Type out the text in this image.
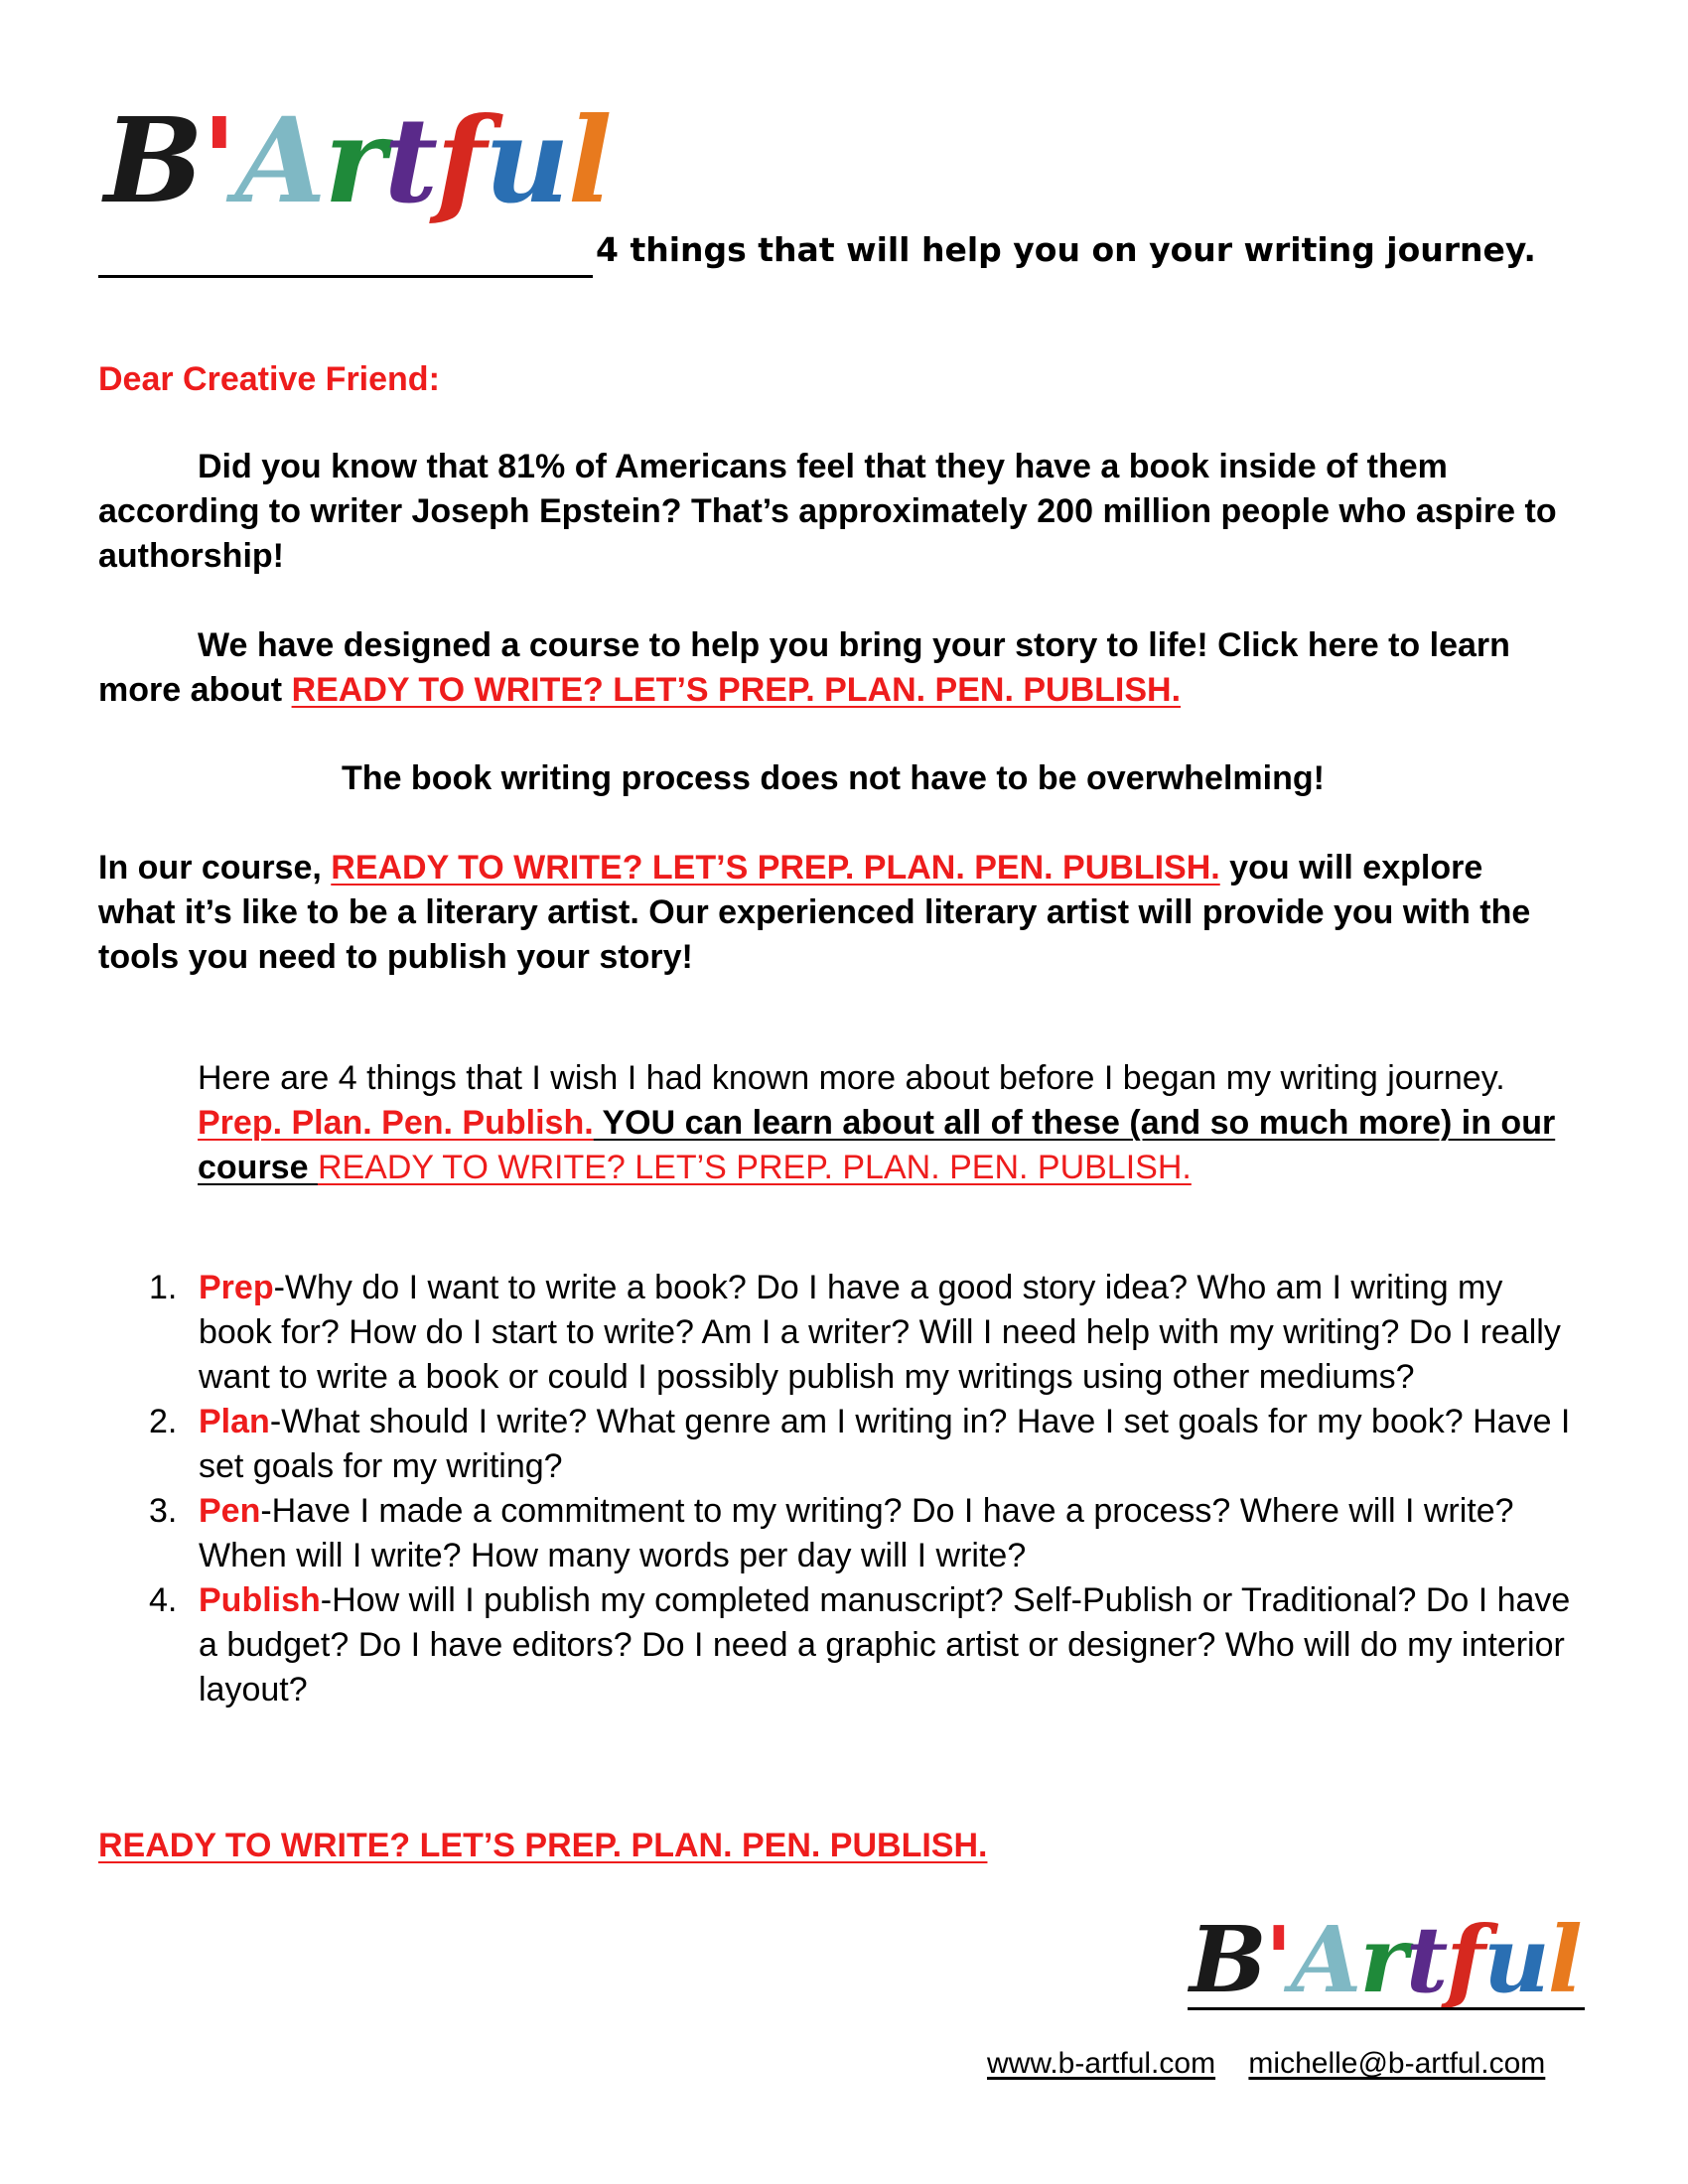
B ' A r t f u l
4 things that will help you on your writing journey.
Dear Creative Friend:
Did you know that 81% of Americans feel that they have a book inside of them according to writer Joseph Epstein? That’s approximately 200 million people who aspire to authorship!
We have designed a course to help you bring your story to life! Click here to learn more about READY TO WRITE? LET’S PREP. PLAN. PEN. PUBLISH.
The book writing process does not have to be overwhelming!
In our course, READY TO WRITE? LET’S PREP. PLAN. PEN. PUBLISH. you will explore what it’s like to be a literary artist. Our experienced literary artist will provide you with the tools you need to publish your story!
Here are 4 things that I wish I had known more about before I began my writing journey. Prep. Plan. Pen. Publish. YOU can learn about all of these (and so much more) in our course READY TO WRITE? LET’S PREP. PLAN. PEN. PUBLISH.
1. Prep-Why do I want to write a book? Do I have a good story idea? Who am I writing my book for? How do I start to write? Am I a writer? Will I need help with my writing? Do I really want to write a book or could I possibly publish my writings using other mediums?
2. Plan-What should I write? What genre am I writing in? Have I set goals for my book? Have I set goals for my writing?
3. Pen-Have I made a commitment to my writing? Do I have a process? Where will I write? When will I write? How many words per day will I write?
4. Publish-How will I publish my completed manuscript? Self-Publish or Traditional? Do I have a budget? Do I have editors? Do I need a graphic artist or designer? Who will do my interior layout?
READY TO WRITE? LET’S PREP. PLAN. PEN. PUBLISH.
B ' A r t f u l
www.b-artful.com michelle@b-artful.com
